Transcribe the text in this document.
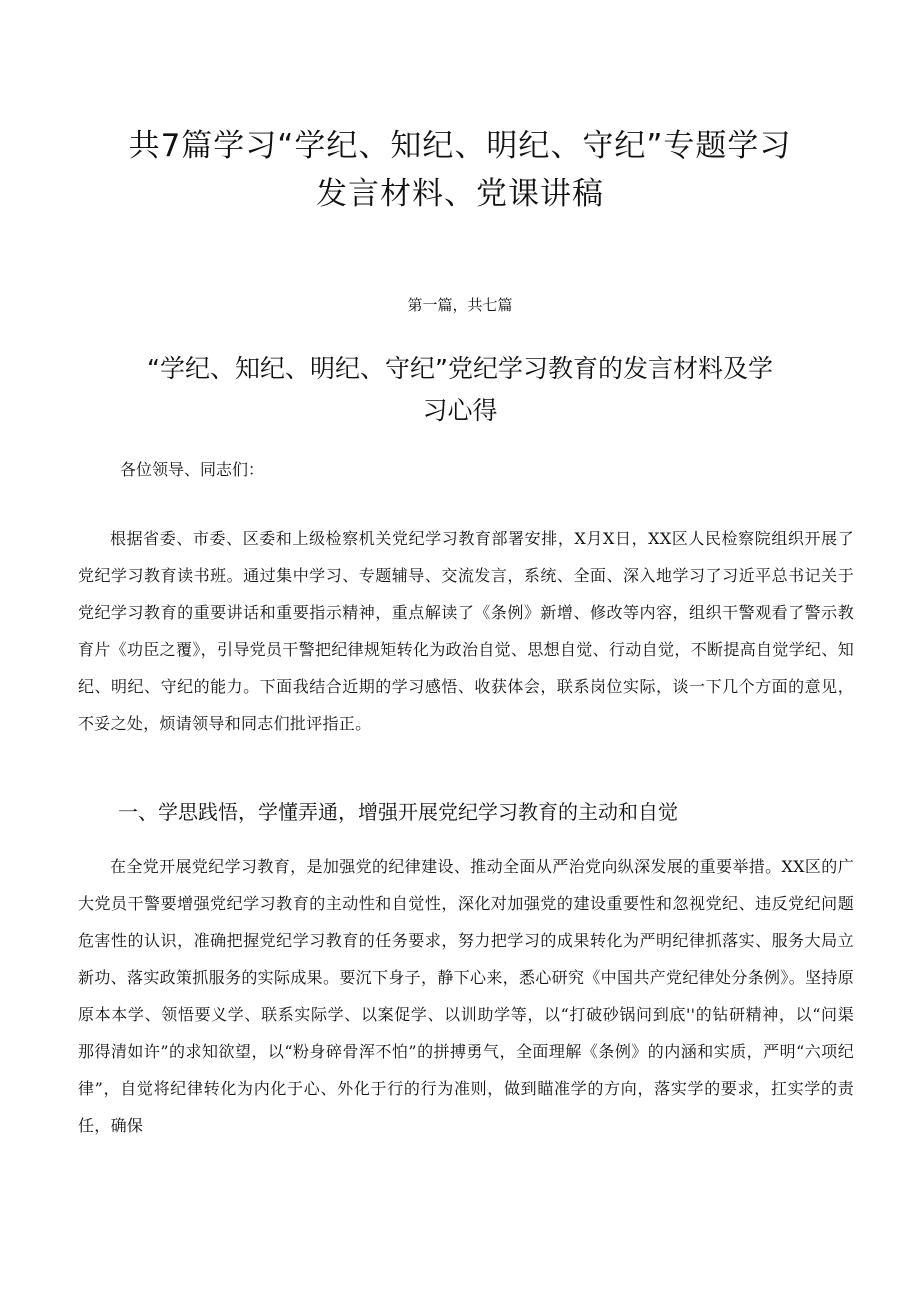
共7篇学习“学纪、知纪、明纪、守纪”专题学习
发言材料、党课讲稿
第一篇，共七篇
“学纪、知纪、明纪、守纪”党纪学习教育的发言材料及学
习心得
各位领导、同志们：

根据省委、市委、区委和上级检察机关党纪学习教育部署安排，X月X日，XX区人民检察院组织开展了党纪学习教育读书班。通过集中学习、专题辅导、交流发言，系统、全面、深入地学习了习近平总书记关于党纪学习教育的重要讲话和重要指示精神，重点解读了《条例》新增、修改等内容，组织干警观看了警示教育片《功臣之覆》，引导党员干警把纪律规矩转化为政治自觉、思想自觉、行动自觉，不断提高自觉学纪、知纪、明纪、守纪的能力。下面我结合近期的学习感悟、收获体会，联系岗位实际，谈一下几个方面的意见，不妥之处，烦请领导和同志们批评指正。

一、学思践悟，学懂弄通，增强开展党纪学习教育的主动和自觉

在全党开展党纪学习教育，是加强党的纪律建设、推动全面从严治党向纵深发展的重要举措。XX区的广大党员干警要增强党纪学习教育的主动性和自觉性，深化对加强党的建设重要性和忽视党纪、违反党纪问题危害性的认识，准确把握党纪学习教育的任务要求，努力把学习的成果转化为严明纪律抓落实、服务大局立新功、落实政策抓服务的实际成果。要沉下身子，静下心来，悉心研究《中国共产党纪律处分条例》。坚持原原本本学、领悟要义学、联系实际学、以案促学、以训助学等，以“打破砂锅问到底''的钻研精神，以“问渠那得清如许”的求知欲望，以“粉身碎骨浑不怕”的拼搏勇气，全面理解《条例》的内涵和实质，严明“六项纪律”，自觉将纪律转化为内化于心、外化于行的行为准则，做到瞄准学的方向，落实学的要求，扛实学的责任，确保
